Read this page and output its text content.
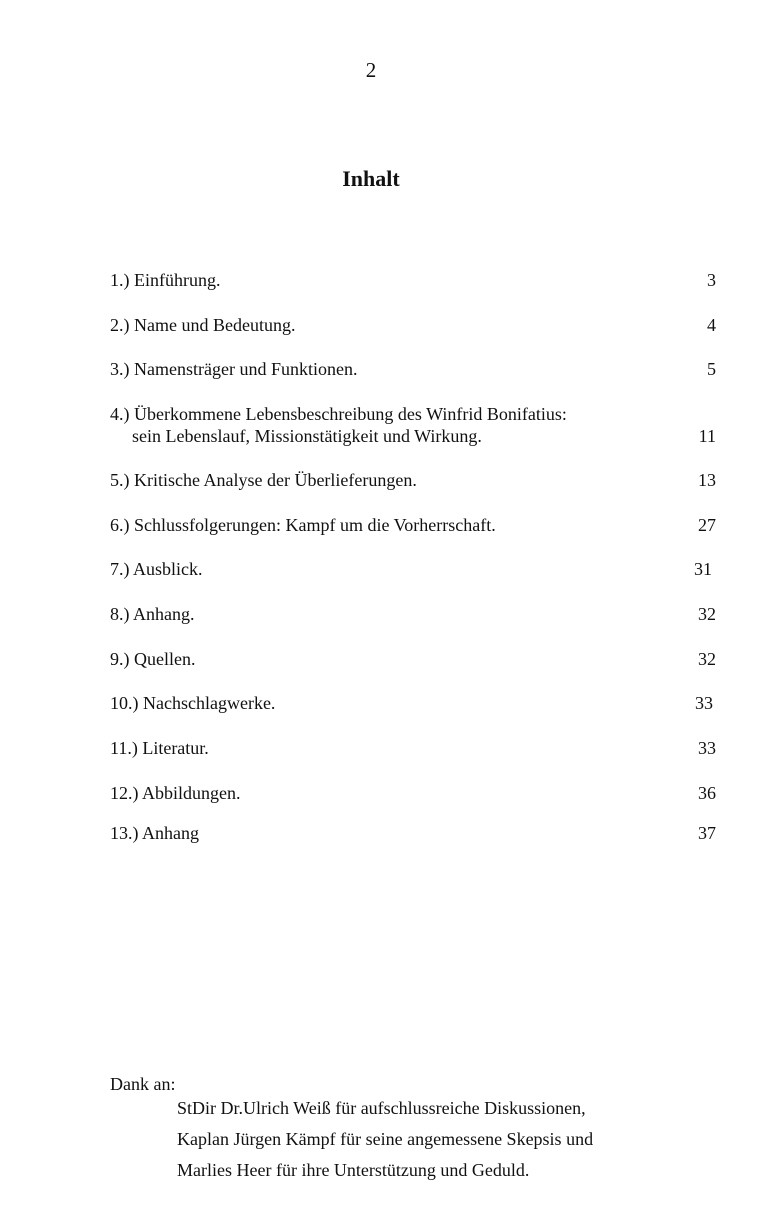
2
Inhalt
1.) Einführung.	3
2.) Name und Bedeutung.	4
3.) Namensträger und Funktionen.	5
4.) Überkommene Lebensbeschreibung des Winfrid Bonifatius:
sein Lebenslauf, Missionstätigkeit und Wirkung.	11
5.) Kritische Analyse der Überlieferungen.	13
6.) Schlussfolgerungen: Kampf um die Vorherrschaft.	27
7.) Ausblick.	31
8.) Anhang.	32
9.) Quellen.	32
10.) Nachschlagwerke.	33
11.) Literatur.	33
12.) Abbildungen.	36
13.) Anhang	37
Dank an:
StDir Dr.Ulrich Weiß für aufschlussreiche Diskussionen,
Kaplan Jürgen Kämpf für seine angemessene Skepsis und
Marlies Heer für ihre Unterstützung und Geduld.
